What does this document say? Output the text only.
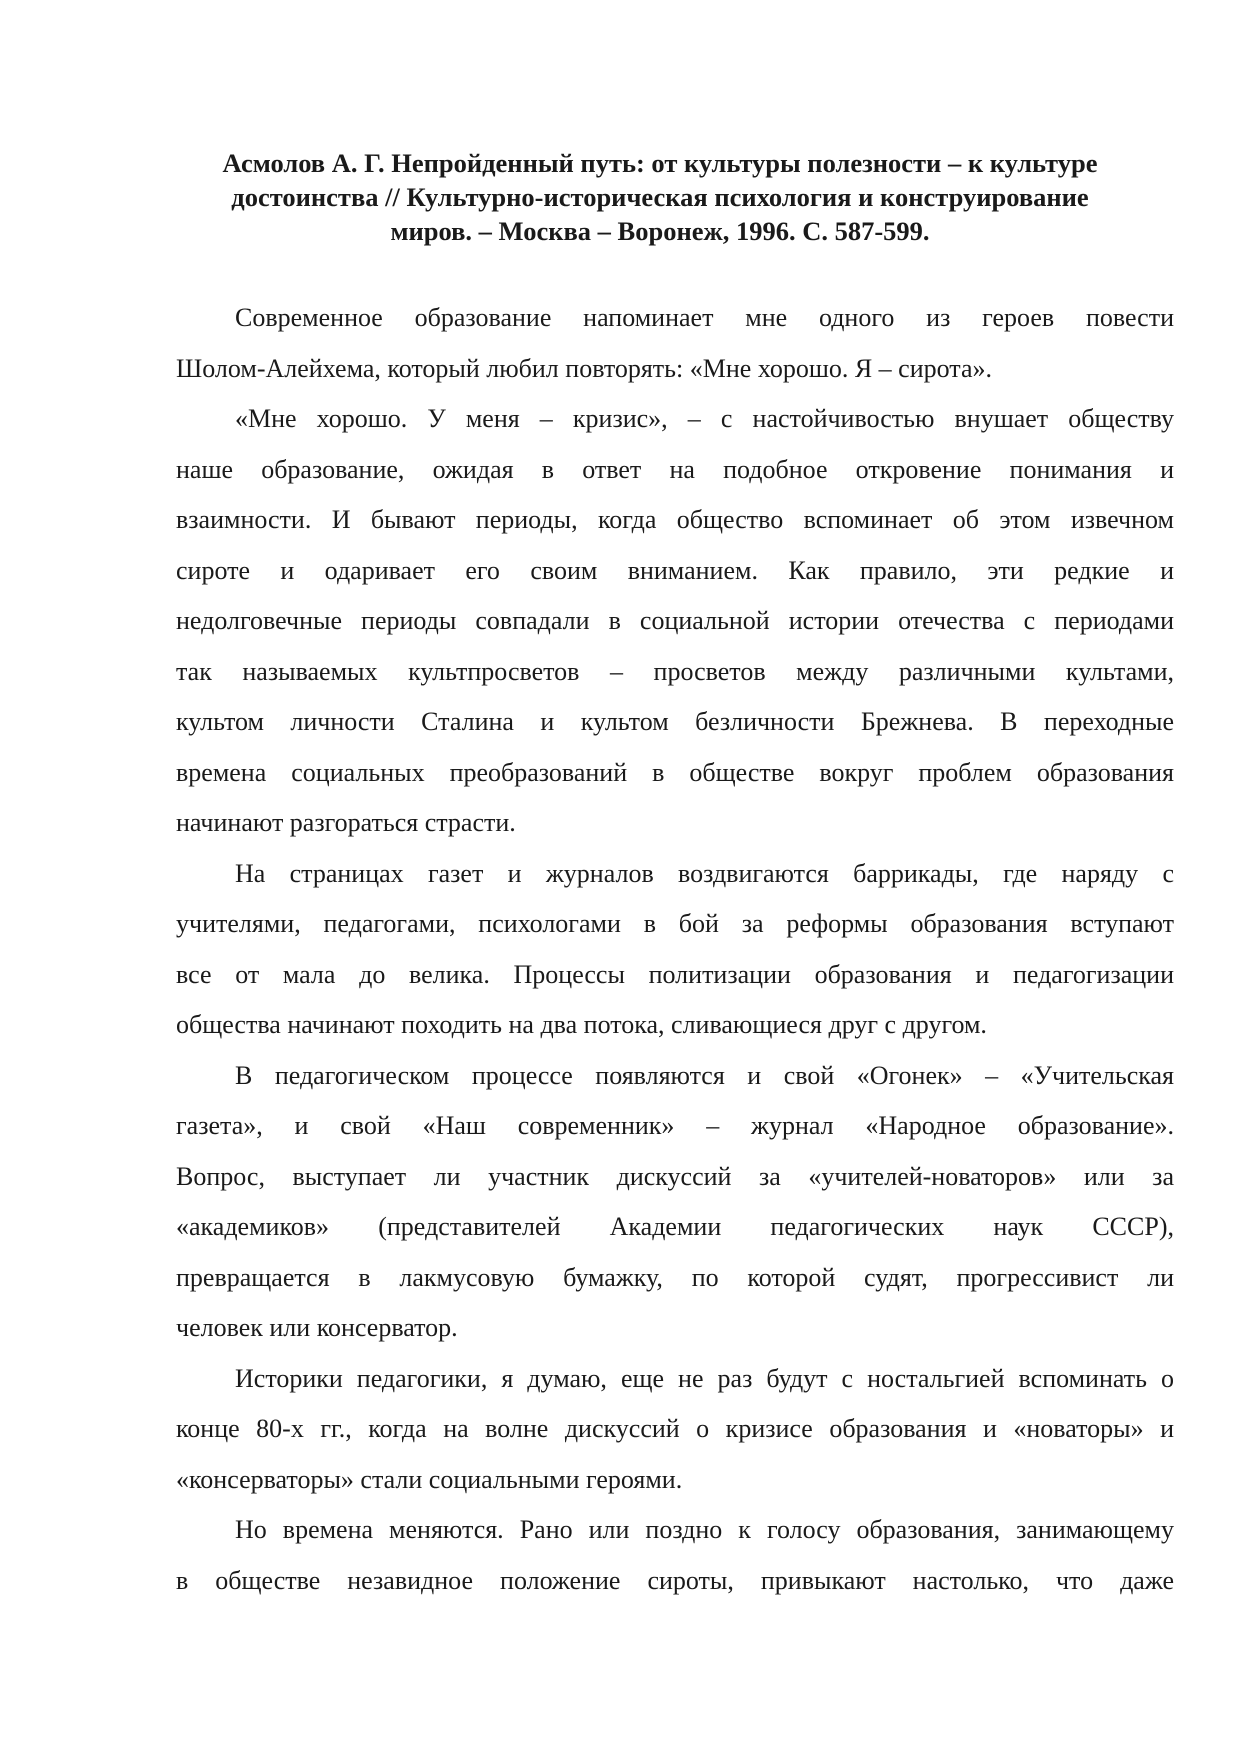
Асмолов А. Г. Непройденный путь: от культуры полезности – к культуре
достоинства // Культурно-историческая психология и конструирование
миров. – Москва – Воронеж, 1996. С. 587-599.

Современное образование напоминает мне одного из героев повести
Шолом-Алейхема, который любил повторять: «Мне хорошо. Я – сирота».

«Мне хорошо. У меня – кризис», – с настойчивостью внушает обществу
наше образование, ожидая в ответ на подобное откровение понимания и
взаимности. И бывают периоды, когда общество вспоминает об этом извечном
сироте и одаривает его своим вниманием. Как правило, эти редкие и
недолговечные периоды совпадали в социальной истории отечества с периодами
так называемых культпросветов – просветов между различными культами,
культом личности Сталина и культом безличности Брежнева. В переходные
времена социальных преобразований в обществе вокруг проблем образования
начинают разгораться страсти.

На страницах газет и журналов воздвигаются баррикады, где наряду с
учителями, педагогами, психологами в бой за реформы образования вступают
все от мала до велика. Процессы политизации образования и педагогизации
общества начинают походить на два потока, сливающиеся друг с другом.

В педагогическом процессе появляются и свой «Огонек» – «Учительская
газета», и свой «Наш современник» – журнал «Народное образование».
Вопрос, выступает ли участник дискуссий за «учителей-новаторов» или за
«академиков» (представителей Академии педагогических наук СССР),
превращается в лакмусовую бумажку, по которой судят, прогрессивист ли
человек или консерватор.

Историки педагогики, я думаю, еще не раз будут с ностальгией вспоминать о
конце 80-х гг., когда на волне дискуссий о кризисе образования и «новаторы» и
«консерваторы» стали социальными героями.

Но времена меняются. Рано или поздно к голосу образования, занимающему
в обществе незавидное положение сироты, привыкают настолько, что даже
